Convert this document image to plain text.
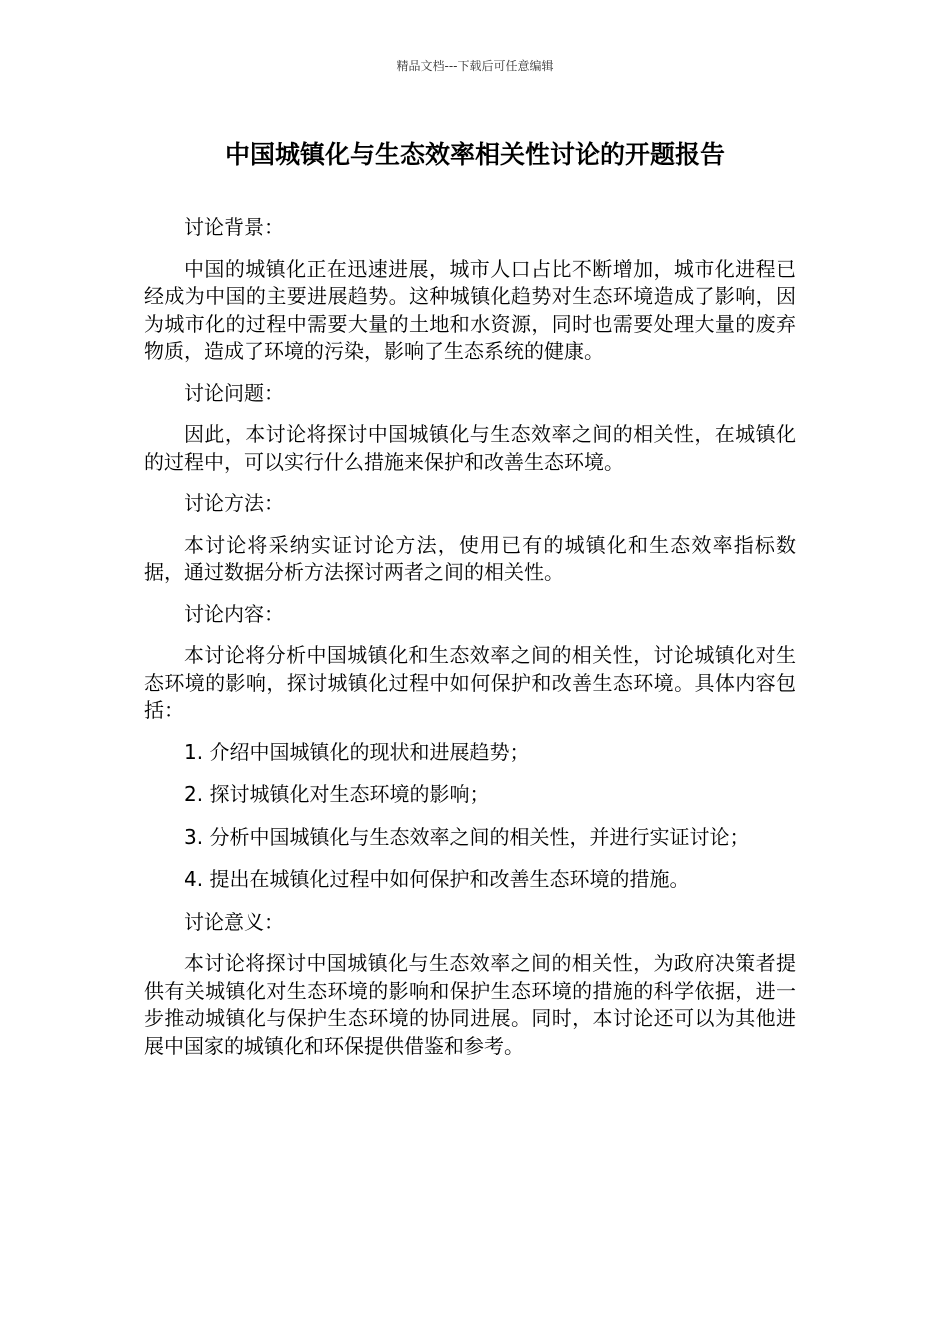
精品文档---下载后可任意编辑
中国城镇化与生态效率相关性讨论的开题报告

讨论背景：

中国的城镇化正在迅速进展，城市人口占比不断增加，城市化进程已经成为中国的主要进展趋势。这种城镇化趋势对生态环境造成了影响，因为城市化的过程中需要大量的土地和水资源，同时也需要处理大量的废弃物质，造成了环境的污染，影响了生态系统的健康。

讨论问题：

因此，本讨论将探讨中国城镇化与生态效率之间的相关性，在城镇化的过程中，可以实行什么措施来保护和改善生态环境。

讨论方法：

本讨论将采纳实证讨论方法，使用已有的城镇化和生态效率指标数据，通过数据分析方法探讨两者之间的相关性。

讨论内容：

本讨论将分析中国城镇化和生态效率之间的相关性，讨论城镇化对生态环境的影响，探讨城镇化过程中如何保护和改善生态环境。具体内容包括：

1. 介绍中国城镇化的现状和进展趋势；

2. 探讨城镇化对生态环境的影响；

3. 分析中国城镇化与生态效率之间的相关性，并进行实证讨论；

4. 提出在城镇化过程中如何保护和改善生态环境的措施。

讨论意义：

本讨论将探讨中国城镇化与生态效率之间的相关性，为政府决策者提供有关城镇化对生态环境的影响和保护生态环境的措施的科学依据，进一步推动城镇化与保护生态环境的协同进展。同时，本讨论还可以为其他进展中国家的城镇化和环保提供借鉴和参考。
